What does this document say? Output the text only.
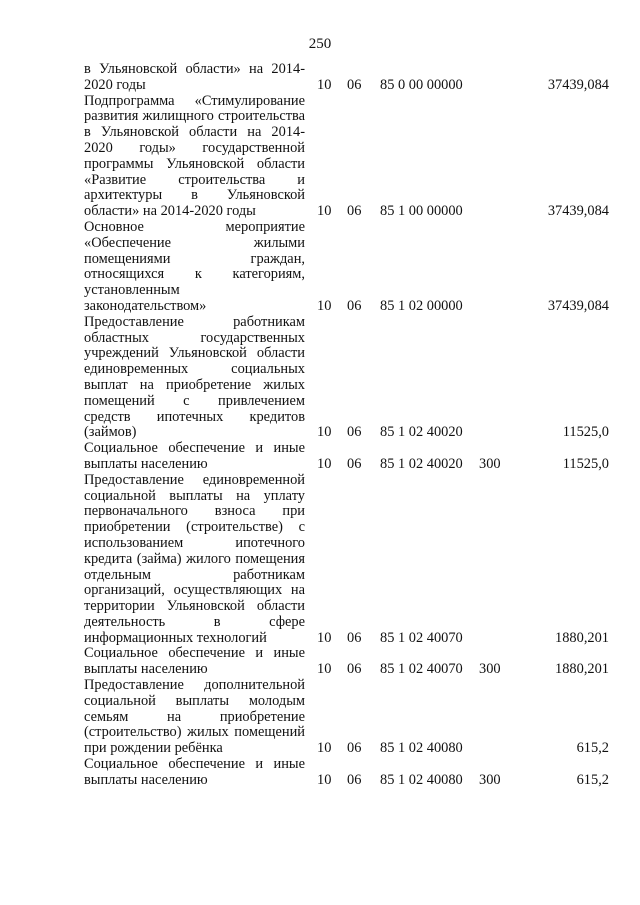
250
в Ульяновской области» на 2014-2020 годы	10 06 85 0 00 00000	37439,084
Подпрограмма «Стимулирование развития жилищного строительства в Ульяновской области на 2014-2020 годы» государственной программы Ульяновской области «Развитие строительства и архитектуры в Ульяновской области» на 2014-2020 годы	10 06 85 1 00 00000	37439,084
Основное мероприятие «Обеспечение жилыми помещениями граждан, относящихся к категориям, установленным законодательством»	10 06 85 1 02 00000	37439,084
Предоставление работникам областных государственных учреждений Ульяновской области единовременных социальных выплат на приобретение жилых помещений с привлечением средств ипотечных кредитов (займов)	10 06 85 1 02 40020	11525,0
Социальное обеспечение и иные выплаты населению	10 06 85 1 02 40020 300	11525,0
Предоставление единовременной социальной выплаты на уплату первоначального взноса при приобретении (строительстве) с использованием ипотечного кредита (займа) жилого помещения отдельным работникам организаций, осуществляющих на территории Ульяновской области деятельность в сфере информационных технологий	10 06 85 1 02 40070	1880,201
Социальное обеспечение и иные выплаты населению	10 06 85 1 02 40070 300	1880,201
Предоставление дополнительной социальной выплаты молодым семьям на приобретение (строительство) жилых помещений при рождении ребёнка	10 06 85 1 02 40080	615,2
Социальное обеспечение и иные выплаты населению	10 06 85 1 02 40080 300	615,2
